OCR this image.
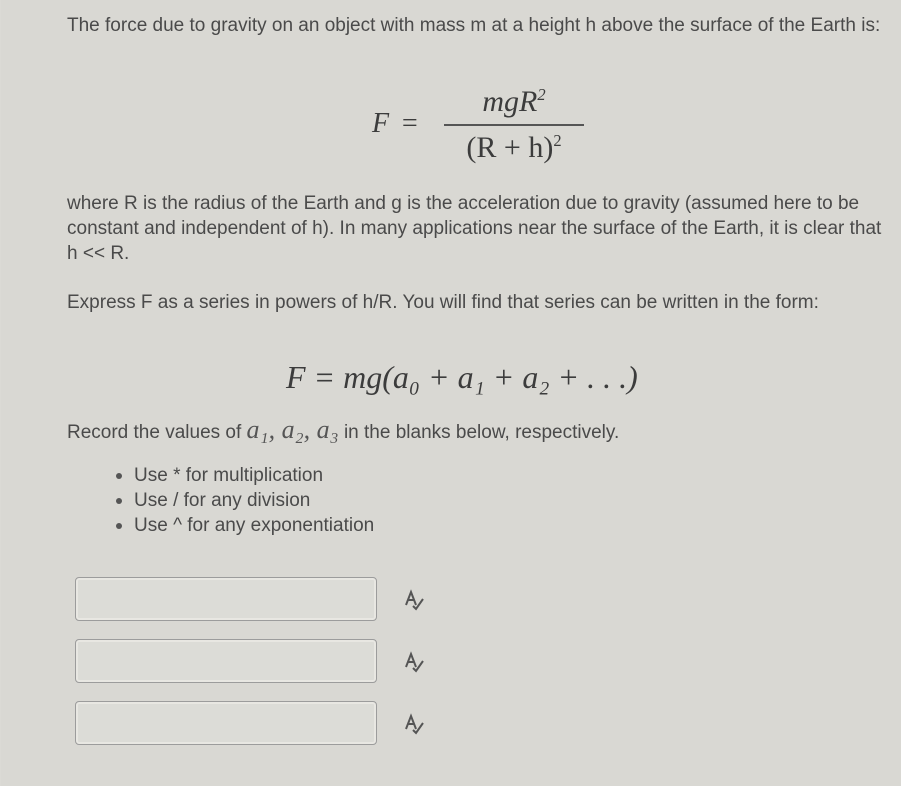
The force due to gravity on an object with mass m at a height h above the surface of the Earth is:
F =
mgR$^2$
$(R + h)^2$
where R is the radius of the Earth and g is the acceleration due to gravity (assumed here to be constant and independent of h). In many applications near the surface of the Earth, it is clear that h << R.
Express F as a series in powers of h/R. You will find that series can be written in the form:
F = mg(a₀ + a₁ + a₂ + . . .)
Record the values of a₁, a₂, a₃ in the blanks below, respectively.
Use * for multiplication
Use / for any division
Use ^ for any exponentiation
